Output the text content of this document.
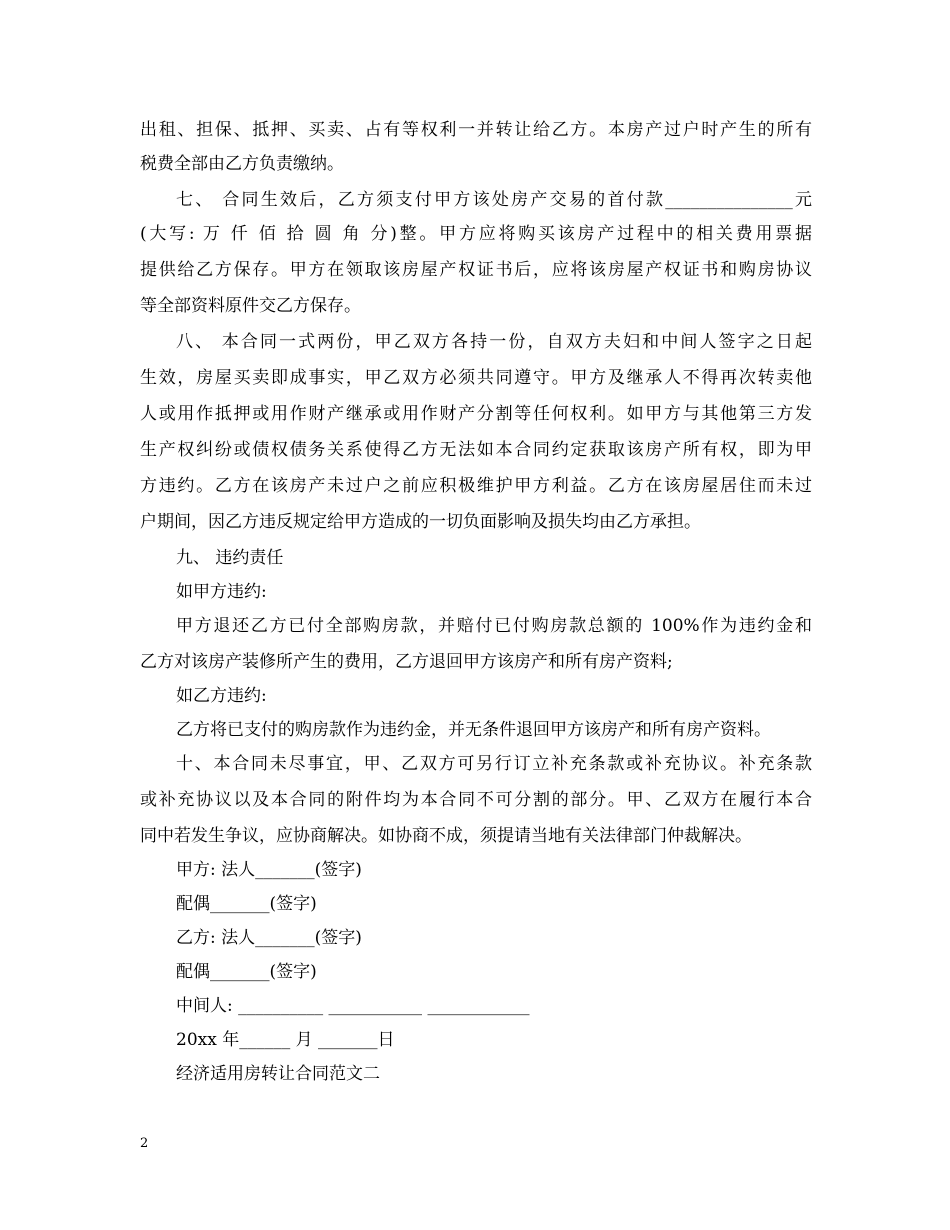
出租、担保、抵押、买卖、占有等权利一并转让给乙方。本房产过户时产生的所有
税费全部由乙方负责缴纳。
七、 合同生效后，乙方须支付甲方该处房产交易的首付款_______________元
(大写: 万 仟 佰 拾 圆 角 分)整。甲方应将购买该房产过程中的相关费用票据
提供给乙方保存。甲方在领取该房屋产权证书后，应将该房屋产权证书和购房协议
等全部资料原件交乙方保存。
八、 本合同一式两份，甲乙双方各持一份，自双方夫妇和中间人签字之日起
生效，房屋买卖即成事实，甲乙双方必须共同遵守。甲方及继承人不得再次转卖他
人或用作抵押或用作财产继承或用作财产分割等任何权利。如甲方与其他第三方发
生产权纠纷或债权债务关系使得乙方无法如本合同约定获取该房产所有权，即为甲
方违约。乙方在该房产未过户之前应积极维护甲方利益。乙方在该房屋居住而未过
户期间，因乙方违反规定给甲方造成的一切负面影响及损失均由乙方承担。
九、 违约责任
如甲方违约:
甲方退还乙方已付全部购房款，并赔付已付购房款总额的 100%作为违约金和
乙方对该房产装修所产生的费用，乙方退回甲方该房产和所有房产资料;
如乙方违约:
乙方将已支付的购房款作为违约金，并无条件退回甲方该房产和所有房产资料。
十、本合同未尽事宜，甲、乙双方可另行订立补充条款或补充协议。补充条款
或补充协议以及本合同的附件均为本合同不可分割的部分。甲、乙双方在履行本合
同中若发生争议，应协商解决。如协商不成，须提请当地有关法律部门仲裁解决。
甲方: 法人_______(签字)
配偶_______(签字)
乙方: 法人_______(签字)
配偶_______(签字)
中间人: __________ ___________ ____________
20xx 年______ 月 _______日
经济适用房转让合同范文二
2
